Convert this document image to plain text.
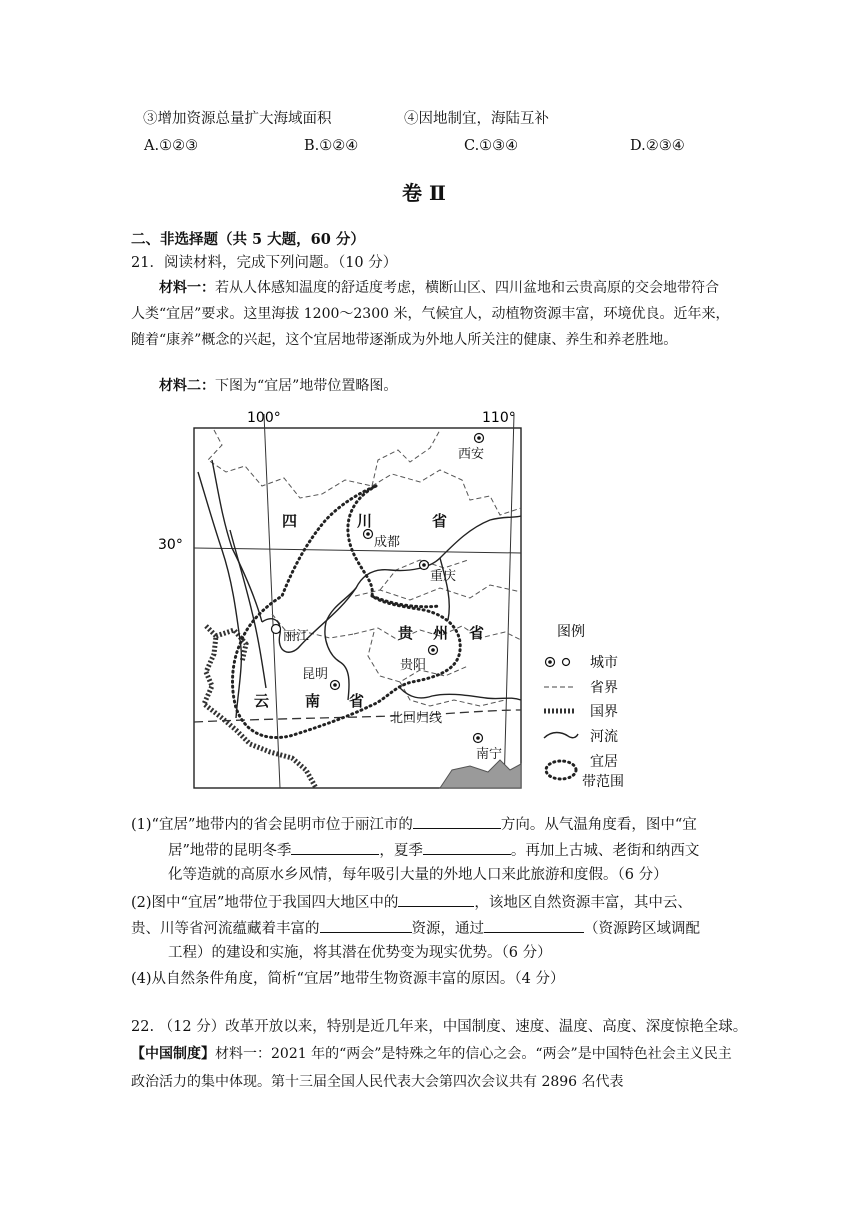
③增加资源总量扩大海域面积	④因地制宜，海陆互补
A.①②③	B.①②④	C.①③④	D.②③④
卷 Ⅱ
二、非选择题（共 5 大题，60 分）
21．阅读材料，完成下列问题。（10 分）
材料一：若从人体感知温度的舒适度考虑，横断山区、四川盆地和云贵高原的交会地带符合人类“宜居”要求。这里海拔 1200～2300 米，气候宜人，动植物资源丰富，环境优良。近年来，随着“康养”概念的兴起，这个宜居地带逐渐成为外地人所关注的健康、养生和养老胜地。
材料二：下图为“宜居”地带位置略图。
100°	110°
30°
四	川	省
贵 州 省
云 南 省
西安
成都
重庆
丽江
贵阳
昆明
南宁
北回归线
图例
城市
省界
国界
河流
宜居
带范围
(1)“宜居”地带内的省会昆明市位于丽江市的	方向。从气温角度看，图中“宜
居”地带的昆明冬季	，夏季	。再加上古城、老街和纳西文
化等造就的高原水乡风情，每年吸引大量的外地人口来此旅游和度假。（6 分）
(2)图中“宜居”地带位于我国四大地区中的	，该地区自然资源丰富，其中云、
贵、川等省河流蕴藏着丰富的	资源，通过	（资源跨区域调配
工程）的建设和实施，将其潜在优势变为现实优势。（6 分）
(4)从自然条件角度，简析“宜居”地带生物资源丰富的原因。（4 分）
22. （12 分）改革开放以来，特别是近几年来，中国制度、速度、温度、高度、深度惊艳全球。
【中国制度】材料一：2021 年的“两会”是特殊之年的信心之会。“两会”是中国特色社会主义民主政治活力的集中体现。第十三届全国人民代表大会第四次会议共有 2896 名代表
